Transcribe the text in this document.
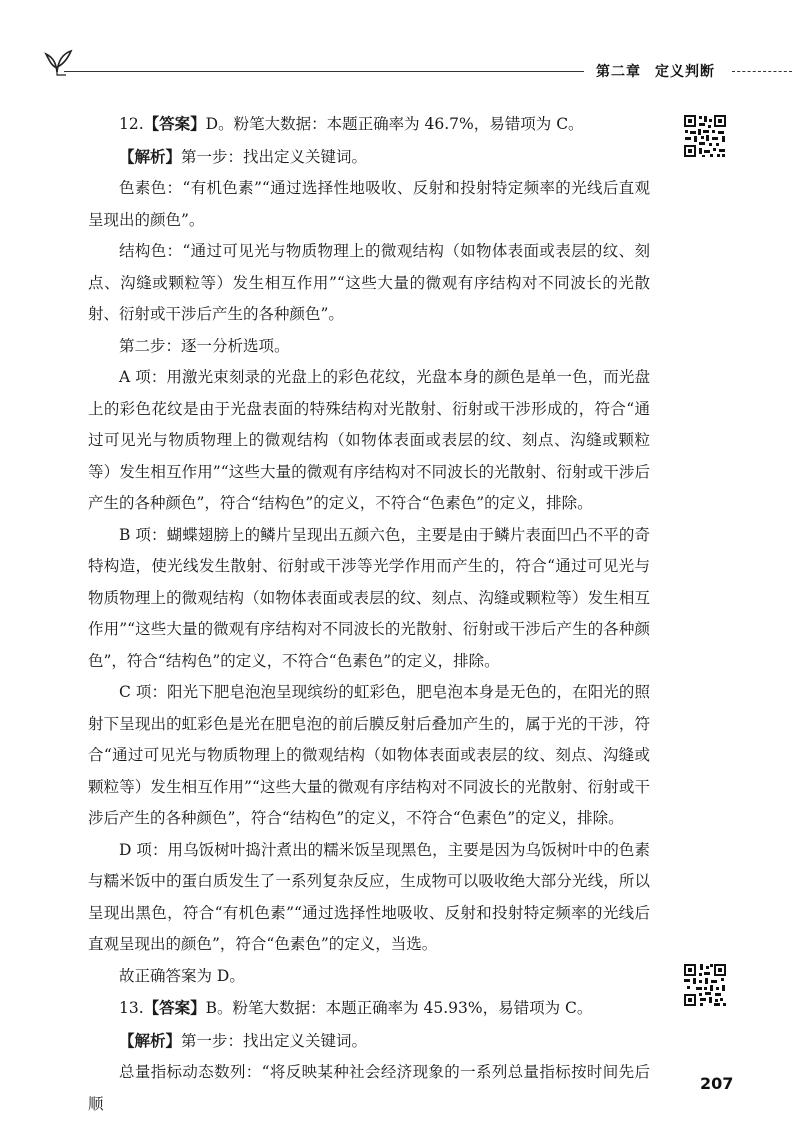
第二章 定义判断

12.【答案】D。粉笔大数据：本题正确率为 46.7%，易错项为 C。

【解析】第一步：找出定义关键词。

色素色：“有机色素”“通过选择性地吸收、反射和投射特定频率的光线后直观呈现出的颜色”。

结构色：“通过可见光与物质物理上的微观结构（如物体表面或表层的纹、刻点、沟缝或颗粒等）发生相互作用”“这些大量的微观有序结构对不同波长的光散射、衍射或干涉后产生的各种颜色”。

第二步：逐一分析选项。

A 项：用激光束刻录的光盘上的彩色花纹，光盘本身的颜色是单一色，而光盘上的彩色花纹是由于光盘表面的特殊结构对光散射、衍射或干涉形成的，符合“通过可见光与物质物理上的微观结构（如物体表面或表层的纹、刻点、沟缝或颗粒等）发生相互作用”“这些大量的微观有序结构对不同波长的光散射、衍射或干涉后产生的各种颜色”，符合“结构色”的定义，不符合“色素色”的定义，排除。

B 项：蝴蝶翅膀上的鳞片呈现出五颜六色，主要是由于鳞片表面凹凸不平的奇特构造，使光线发生散射、衍射或干涉等光学作用而产生的，符合“通过可见光与物质物理上的微观结构（如物体表面或表层的纹、刻点、沟缝或颗粒等）发生相互作用”“这些大量的微观有序结构对不同波长的光散射、衍射或干涉后产生的各种颜色”，符合“结构色”的定义，不符合“色素色”的定义，排除。

C 项：阳光下肥皂泡泡呈现缤纷的虹彩色，肥皂泡本身是无色的，在阳光的照射下呈现出的虹彩色是光在肥皂泡的前后膜反射后叠加产生的，属于光的干涉，符合“通过可见光与物质物理上的微观结构（如物体表面或表层的纹、刻点、沟缝或颗粒等）发生相互作用”“这些大量的微观有序结构对不同波长的光散射、衍射或干涉后产生的各种颜色”，符合“结构色”的定义，不符合“色素色”的定义，排除。

D 项：用乌饭树叶捣汁煮出的糯米饭呈现黑色，主要是因为乌饭树叶中的色素与糯米饭中的蛋白质发生了一系列复杂反应，生成物可以吸收绝大部分光线，所以呈现出黑色，符合“有机色素”“通过选择性地吸收、反射和投射特定频率的光线后直观呈现出的颜色”，符合“色素色”的定义，当选。

故正确答案为 D。

13.【答案】B。粉笔大数据：本题正确率为 45.93%，易错项为 C。

【解析】第一步：找出定义关键词。

总量指标动态数列：“将反映某种社会经济现象的一系列总量指标按时间先后顺

207
